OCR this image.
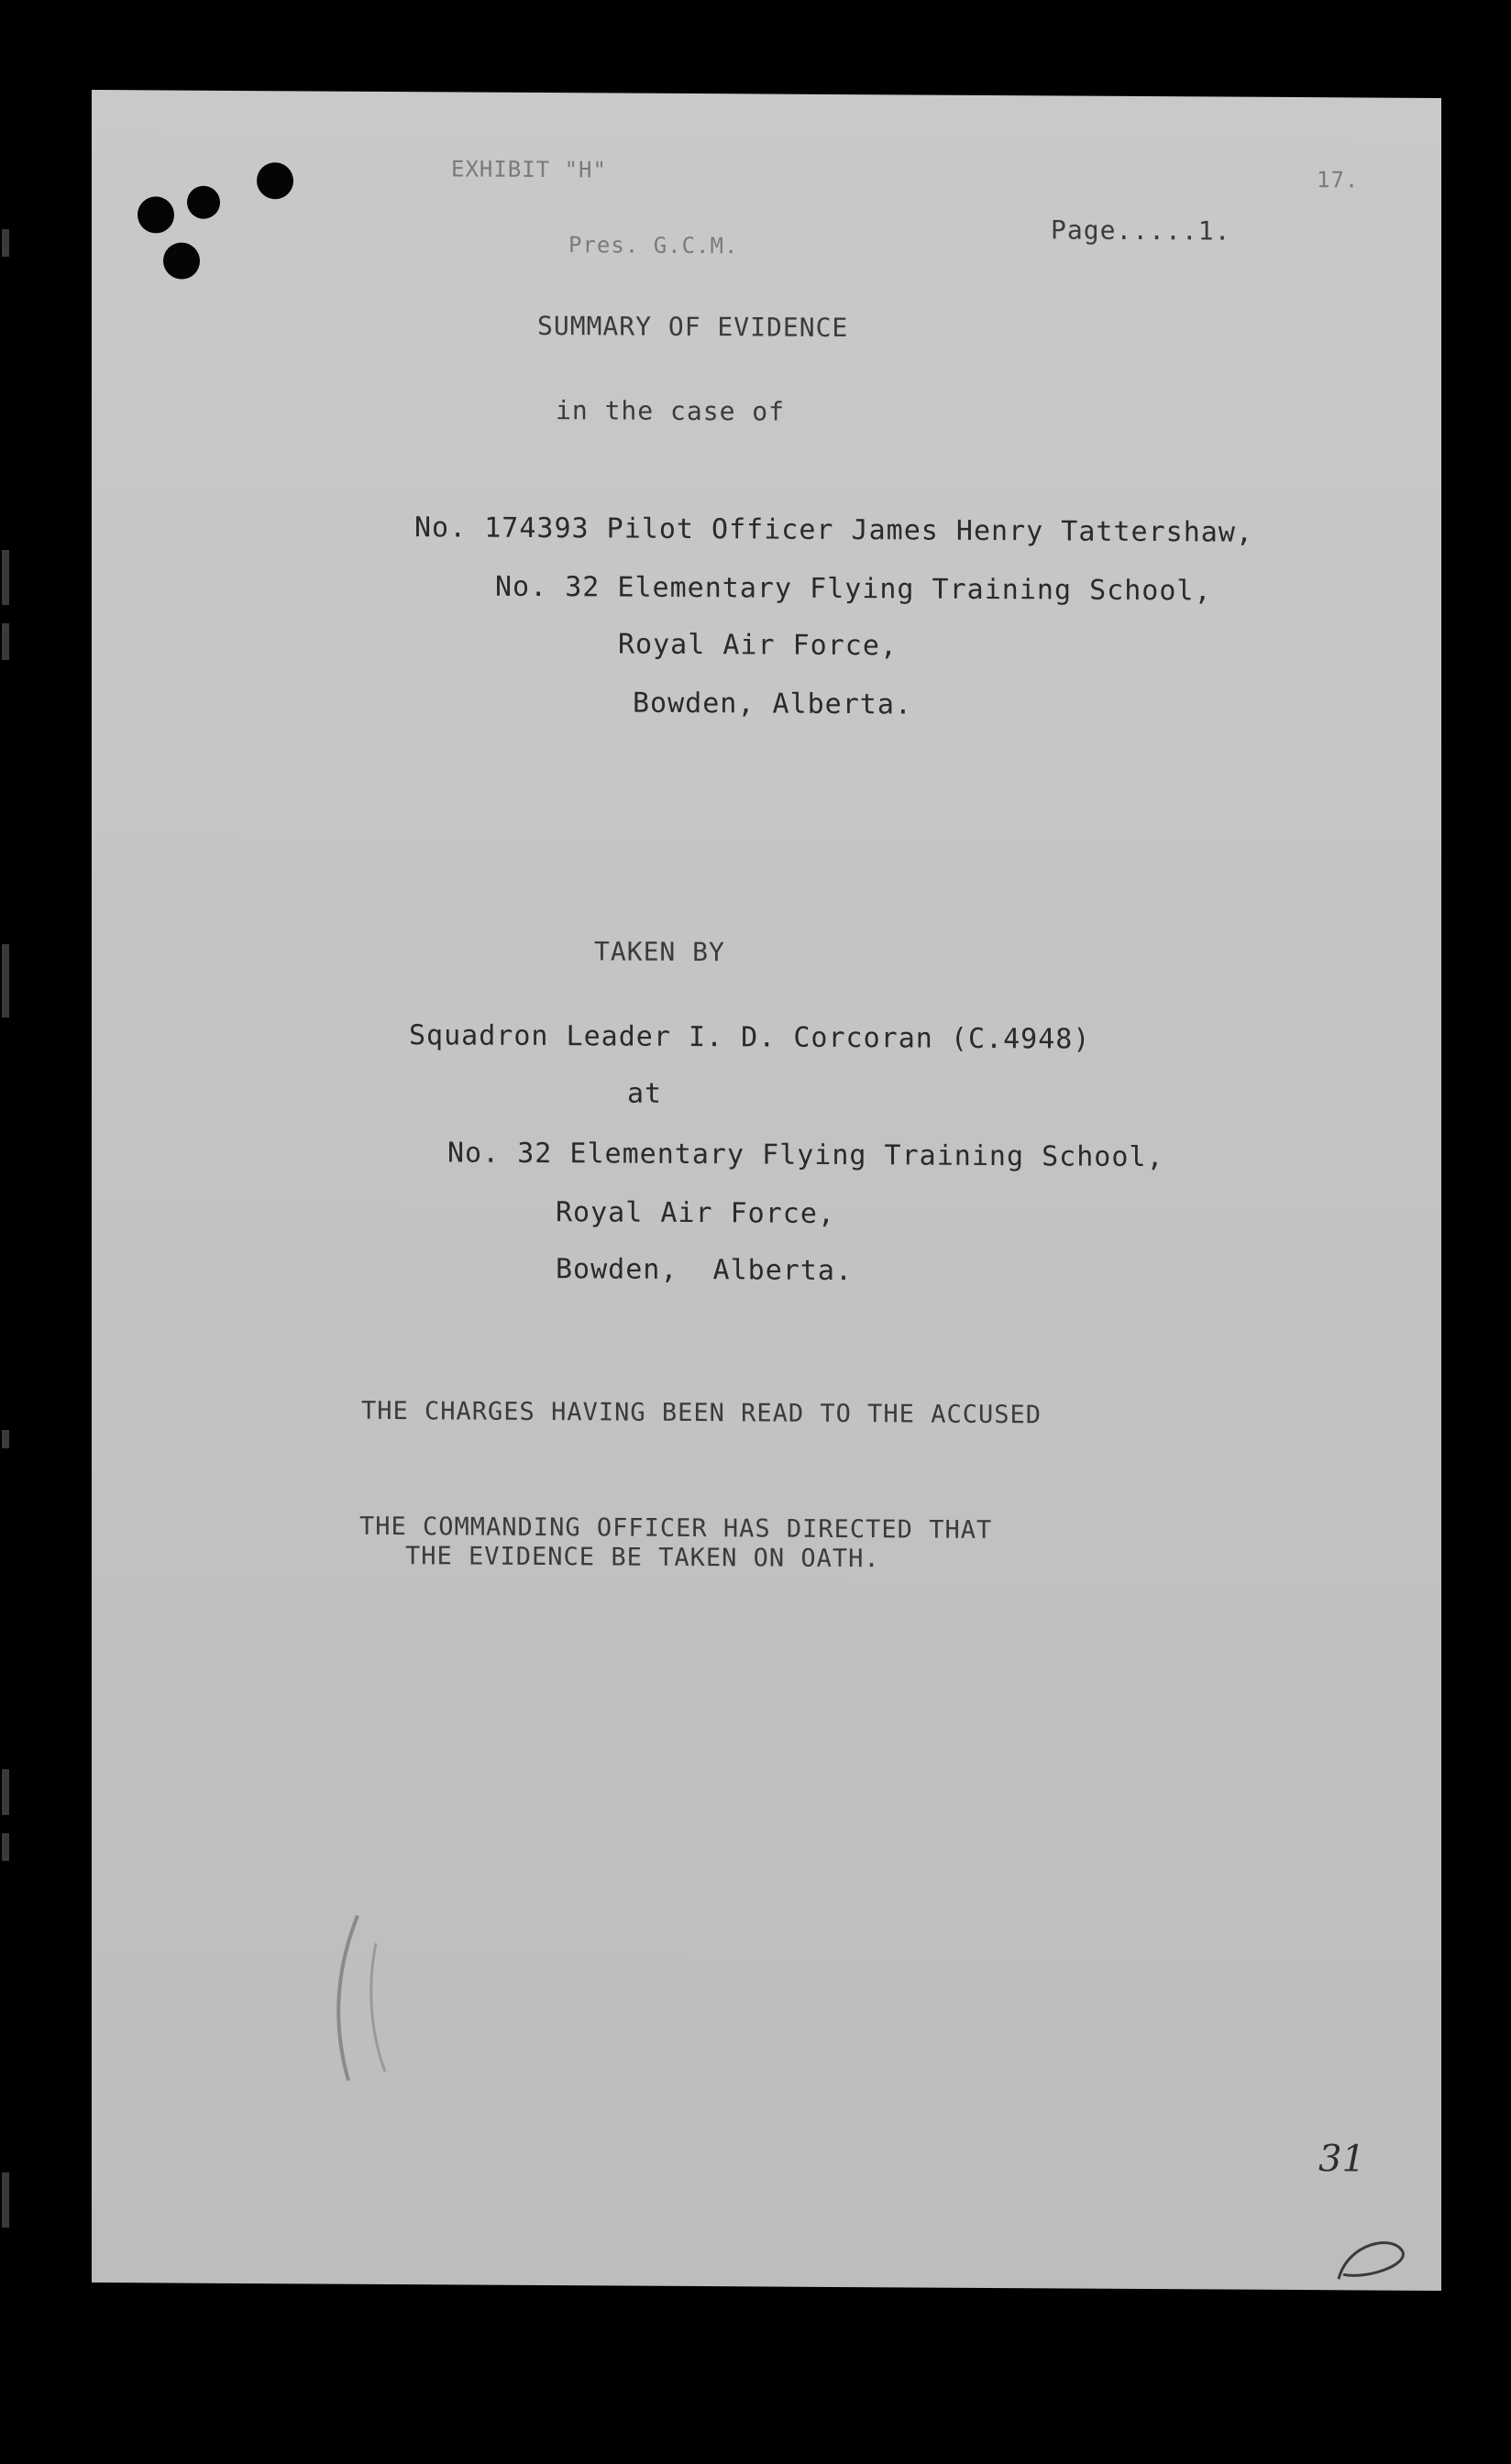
EXHIBIT "H"	17.
Page.....1.
Pres. G.C.M.
SUMMARY OF EVIDENCE
in the case of
No. 174393 Pilot Officer James Henry Tattershaw,
No. 32 Elementary Flying Training School,
Royal Air Force,
Bowden, Alberta.
TAKEN BY
Squadron Leader I. D. Corcoran (C.4948)
at
No. 32 Elementary Flying Training School,
Royal Air Force,
Bowden,  Alberta.
THE CHARGES HAVING BEEN READ TO THE ACCUSED
THE COMMANDING OFFICER HAS DIRECTED THAT
THE EVIDENCE BE TAKEN ON OATH.
31
